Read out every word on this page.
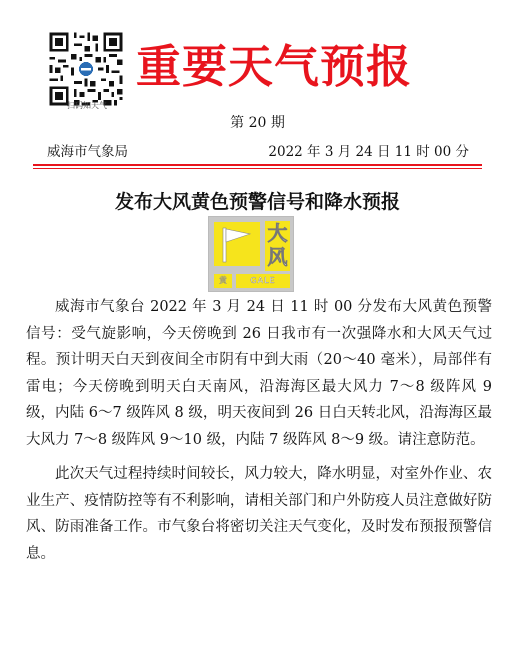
扫码知天气
重要天气预报
第 20 期
威海市气象局	2022 年 3 月 24 日 11 时 00 分
发布大风黄色预警信号和降水预报
大
风
黄	GALE

威海市气象台 2022 年 3 月 24 日 11 时 00 分发布大风黄色预警信号：受气旋影响，今天傍晚到 26 日我市有一次强降水和大风天气过程。预计明天白天到夜间全市阴有中到大雨（20～40 毫米），局部伴有雷电；今天傍晚到明天白天南风，沿海海区最大风力 7～8 级阵风 9 级，内陆 6～7 级阵风 8 级，明天夜间到 26 日白天转北风，沿海海区最大风力 7～8 级阵风 9～10 级，内陆 7 级阵风 8～9 级。请注意防范。

此次天气过程持续时间较长，风力较大，降水明显，对室外作业、农业生产、疫情防控等有不利影响，请相关部门和户外防疫人员注意做好防风、防雨准备工作。市气象台将密切关注天气变化，及时发布预报预警信息。
